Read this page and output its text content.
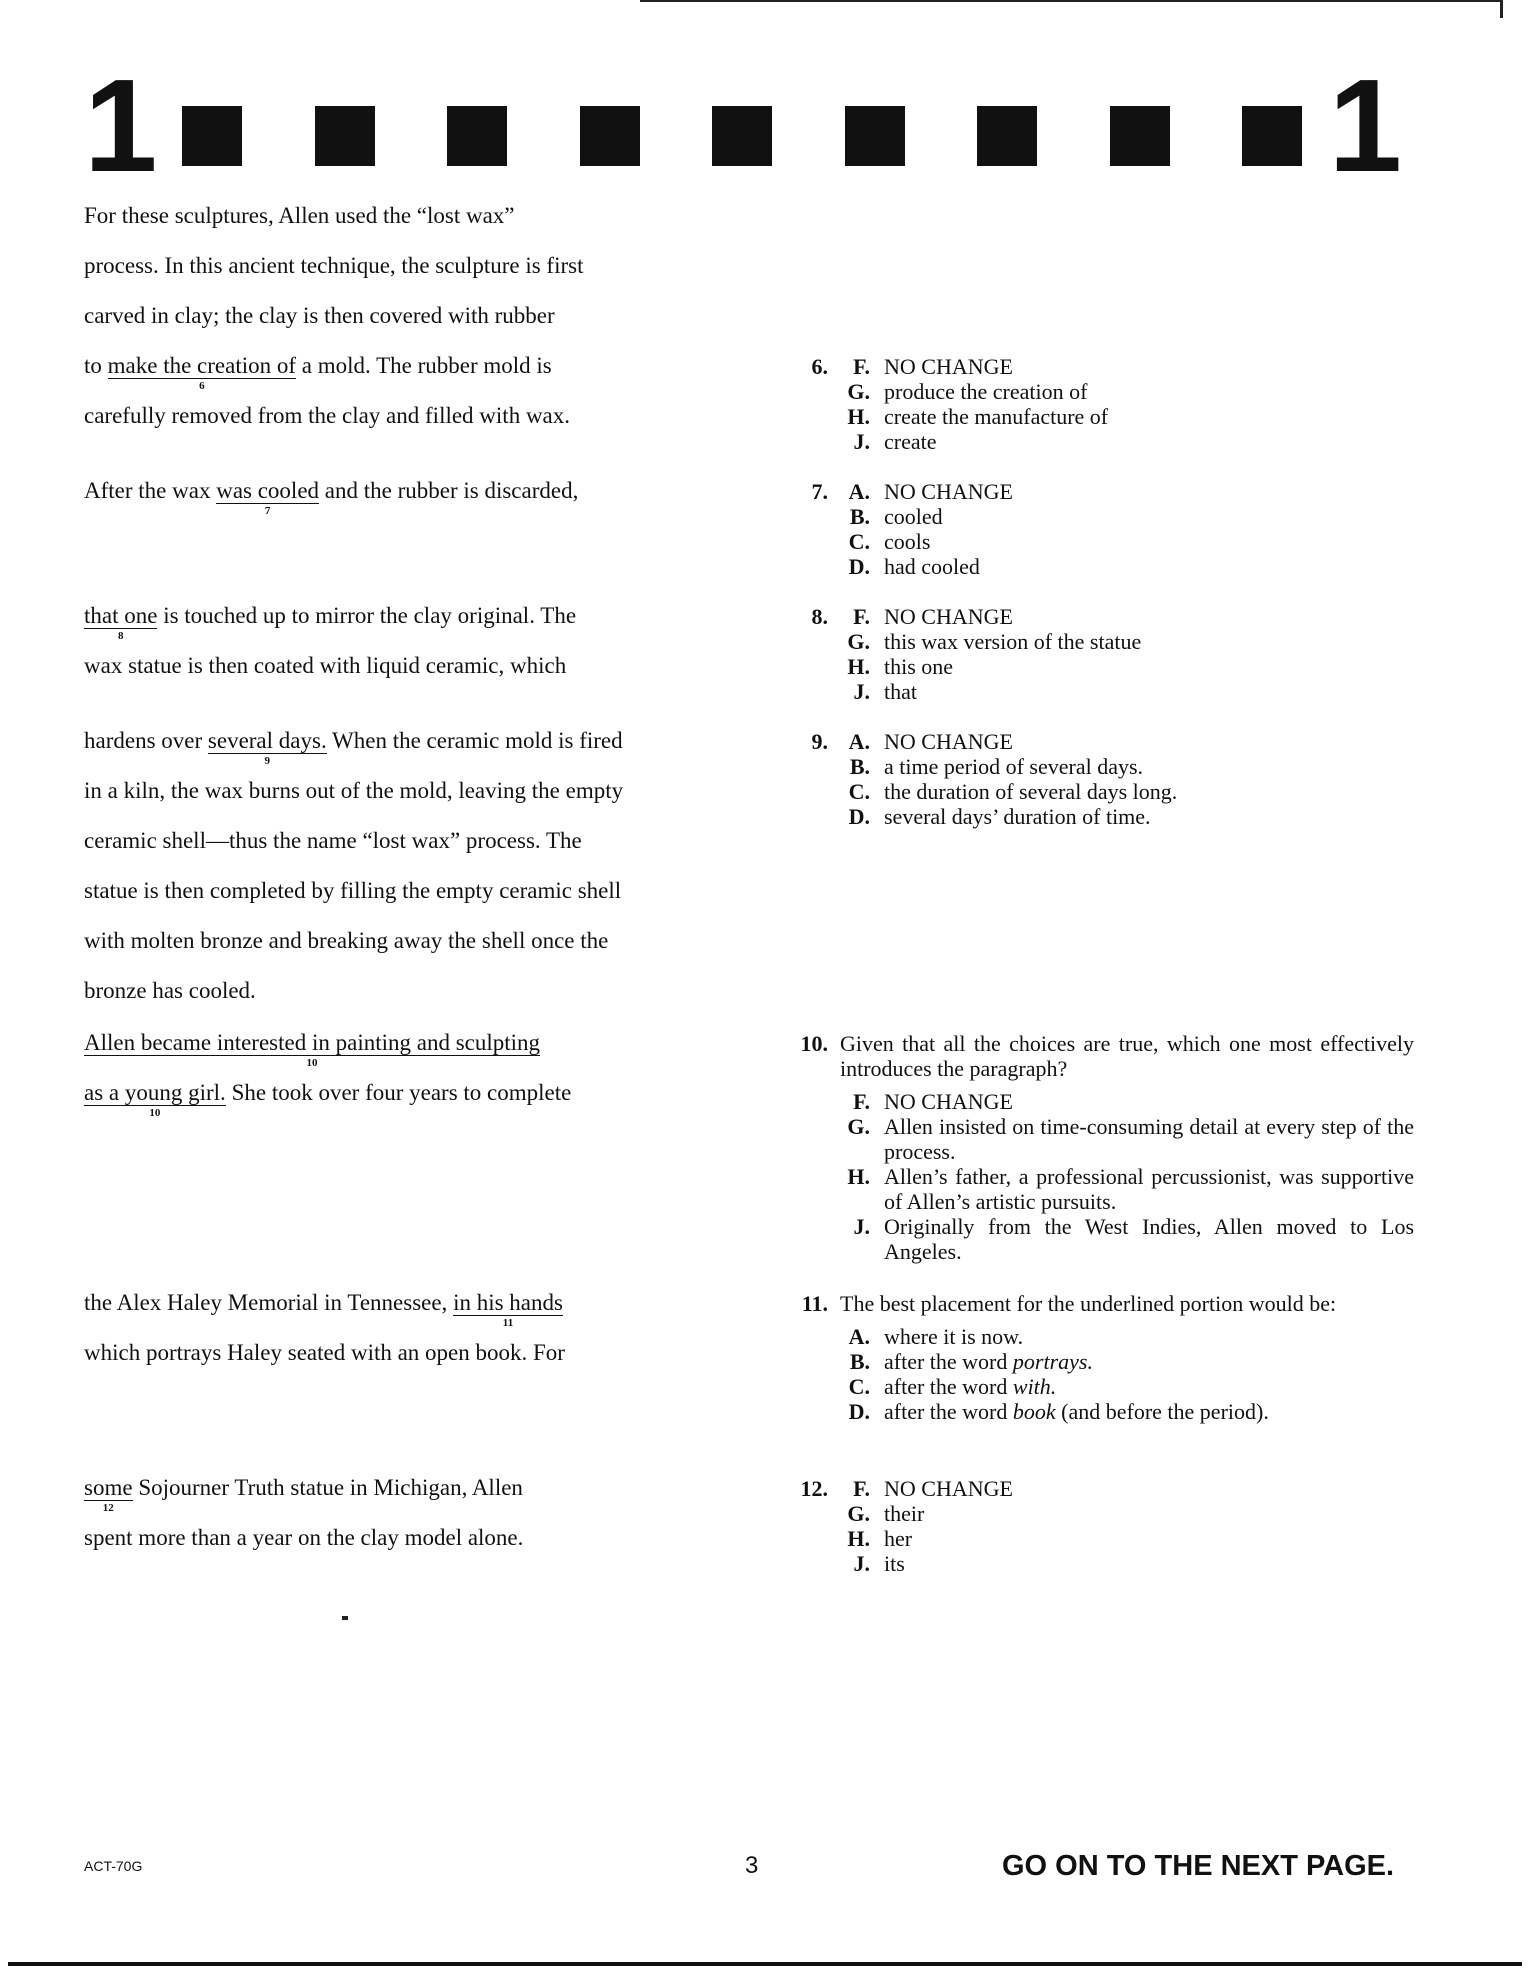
1	1
For these sculptures, Allen used the “lost wax”
process. In this ancient technique, the sculpture is first
carved in clay; the clay is then covered with rubber
to make the creation of
6
a mold. The rubber mold is
carefully removed from the clay and filled with wax.
After the wax was cooled
7
and the rubber is discarded,
that one
8
is touched up to mirror the clay original. The
wax statue is then coated with liquid ceramic, which
hardens over several days.
9
When the ceramic mold is fired
in a kiln, the wax burns out of the mold, leaving the empty
ceramic shell—thus the name “lost wax” process. The
statue is then completed by filling the empty ceramic shell
with molten bronze and breaking away the shell once the
bronze has cooled.
Allen became interested in painting and sculpting
10
as a young girl.
10
She took over four years to complete
the Alex Haley Memorial in Tennessee, in his hands
11
which portrays Haley seated with an open book. For
some
12
Sojourner Truth statue in Michigan, Allen
spent more than a year on the clay model alone.
6.	F. NO CHANGE
G. produce the creation of
H. create the manufacture of
J. create
7. A. NO CHANGE
B. cooled
C. cools
D. had cooled
8.	F. NO CHANGE
G. this wax version of the statue
H. this one
J. that
9. A. NO CHANGE
B. a time period of several days.
C. the duration of several days long.
D. several days’ duration of time.
10. Given that all the choices are true, which one most effectively introduces the paragraph?
F. NO CHANGE
G. Allen insisted on time-consuming detail at every step of the process.
H. Allen’s father, a professional percussionist, was supportive of Allen’s artistic pursuits.
J. Originally from the West Indies, Allen moved to Los Angeles.
11. The best placement for the underlined portion would be:
A. where it is now.
B. after the word portrays.
C. after the word with.
D. after the word book (and before the period).
12.	F. NO CHANGE
G. their
H. her
J. its
ACT-70G	3	GO ON TO THE NEXT PAGE.
